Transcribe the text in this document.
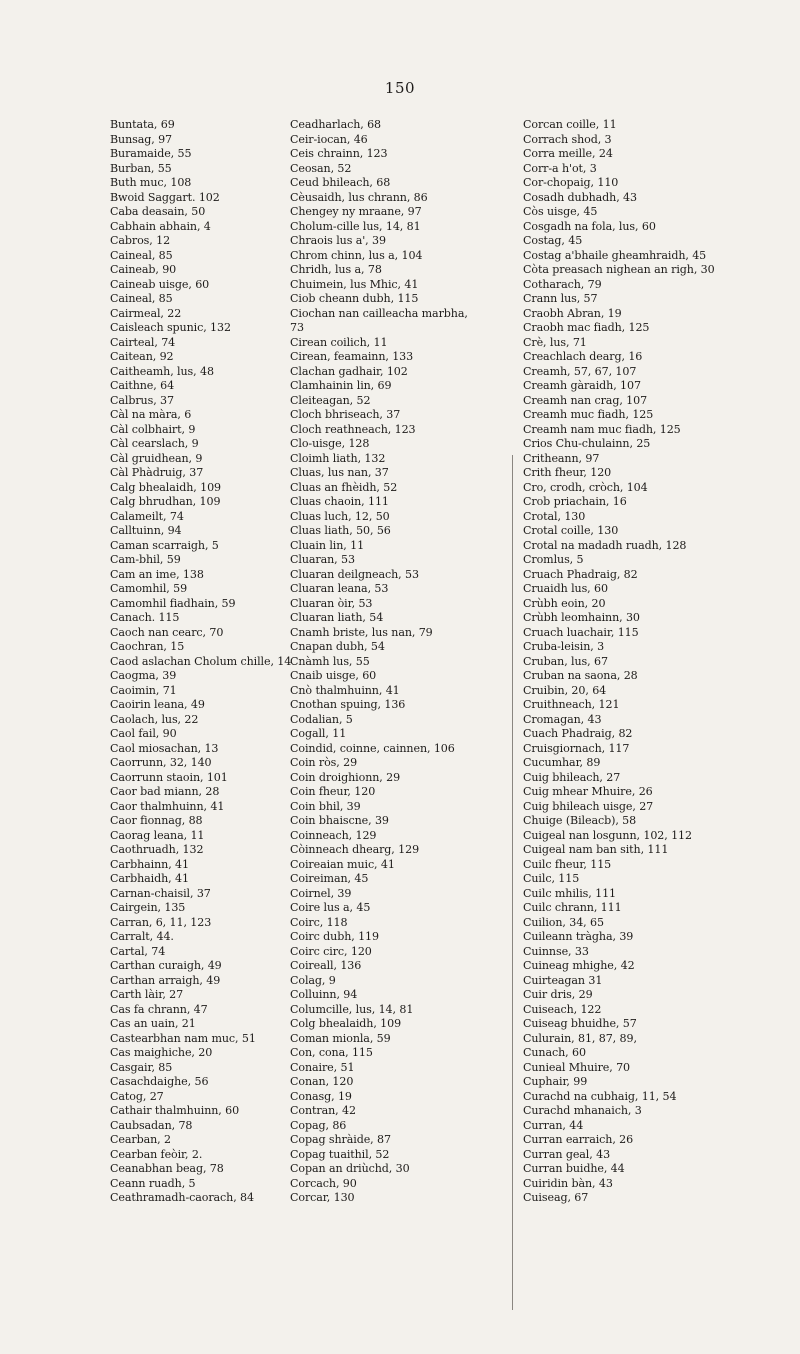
150
Buntata, 69
Bunsag, 97
Buramaide, 55
Burban, 55
Buth muc, 108
Bwoid Saggart. 102
Caba deasain, 50
Cabhain abhain, 4
Cabros, 12
Caineal, 85
Caineab, 90
Caineab uisge, 60
Caineal, 85
Cairmeal, 22
Caisleach spunic, 132
Cairteal, 74
Caitean, 92
Caitheamh, lus, 48
Caithne, 64
Calbrus, 37
Càl na màra, 6
Càl colbhairt, 9
Càl cearslach, 9
Càl gruidhean, 9
Càl Phàdruig, 37
Calg bhealaidh, 109
Calg bhrudhan, 109
Calameilt, 74
Calltuinn, 94
Caman scarraigh, 5
Cam-bhil, 59
Cam an ime, 138
Camomhil, 59
Camomhil fiadhain, 59
Canach. 115
Caoch nan cearc, 70
Caochran, 15
Caod aslachan Cholum chille, 14
Caogma, 39
Caoimin, 71
Caoirin leana, 49
Caolach, lus, 22
Caol fail, 90
Caol miosachan, 13
Caorrunn, 32, 140
Caorrunn staoin, 101
Caor bad miann, 28
Caor thalmhuinn, 41
Caor fionnag, 88
Caorag leana, 11
Caothruadh, 132
Carbhainn, 41
Carbhaidh, 41
Carnan-chaisil, 37
Cairgein, 135
Carran, 6, 11, 123
Carralt, 44.
Cartal, 74
Carthan curaigh, 49
Carthan arraigh, 49
Carth làir, 27
Cas fa chrann, 47
Cas an uain, 21
Castearbhan nam muc, 51
Cas maighiche, 20
Casgair, 85
Casachdaighe, 56
Catog, 27
Cathair thalmhuinn, 60
Caubsadan, 78
Cearban, 2
Cearban feòir, 2.
Ceanabhan beag, 78
Ceann ruadh, 5
Ceathramadh-caorach, 84
Ceadharlach, 68
Ceir-iocan, 46
Ceis chrainn, 123
Ceosan, 52
Ceud bhileach, 68
Cèusaidh, lus chrann, 86
Chengey ny mraane, 97
Cholum-cille lus, 14, 81
Chraois lus a', 39
Chrom chinn, lus a, 104
Chridh, lus a, 78
Chuimein, lus Mhic, 41
Ciob cheann dubh, 115
Ciochan nan cailleacha marbha,
73
Cirean coilich, 11
Cirean, feamainn, 133
Clachan gadhair, 102
Clamhainin lin, 69
Cleiteagan, 52
Cloch bhriseach, 37
Cloch reathneach, 123
Clo-uisge, 128
Cloimh liath, 132
Cluas, lus nan, 37
Cluas an fhèidh, 52
Cluas chaoin, 111
Cluas luch, 12, 50
Cluas liath, 50, 56
Cluain lin, 11
Cluaran, 53
Cluaran deilgneach, 53
Cluaran leana, 53
Cluaran òir, 53
Cluaran liath, 54
Cnamh briste, lus nan, 79
Cnapan dubh, 54
Cnàmh lus, 55
Cnaib uisge, 60
Cnò thalmhuinn, 41
Cnothan spuing, 136
Codalian, 5
Cogall, 11
Coindid, coinne, cainnen, 106
Coin ròs, 29
Coin droighionn, 29
Coin fheur, 120
Coin bhil, 39
Coin bhaiscne, 39
Coinneach, 129
Còinneach dhearg, 129
Coireaian muic, 41
Coireiman, 45
Coirnel, 39
Coire lus a, 45
Coirc, 118
Coirc dubh, 119
Coirc circ, 120
Coireall, 136
Colag, 9
Colluinn, 94
Columcille, lus, 14, 81
Colg bhealaidh, 109
Coman mionla, 59
Con, cona, 115
Conaire, 51
Conan, 120
Conasg, 19
Contran, 42
Copag, 86
Copag shràide, 87
Copag tuaithil, 52
Copan an driùchd, 30
Corcach, 90
Corcar, 130
Corcan coille, 11
Corrach shod, 3
Corra meille, 24
Corr-a h'ot, 3
Cor-chopaig, 110
Cosadh dubhadh, 43
Còs uisge, 45
Cosgadh na fola, lus, 60
Costag, 45
Costag a'bhaile gheamhraidh, 45
Còta preasach nighean an righ, 30
Cotharach, 79
Crann lus, 57
Craobh Abran, 19
Craobh mac fiadh, 125
Crè, lus, 71
Creachlach dearg, 16
Creamh, 57, 67, 107
Creamh gàraidh, 107
Creamh nan crag, 107
Creamh muc fiadh, 125
Creamh nam muc fiadh, 125
Crios Chu-chulainn, 25
Critheann, 97
Crith fheur, 120
Cro, crodh, cròch, 104
Crob priachain, 16
Crotal, 130
Crotal coille, 130
Crotal na madadh ruadh, 128
Cromlus, 5
Cruach Phadraig, 82
Cruaidh lus, 60
Crùbh eoin, 20
Crùbh leomhainn, 30
Cruach luachair, 115
Cruba-leisin, 3
Cruban, lus, 67
Cruban na saona, 28
Cruibin, 20, 64
Cruithneach, 121
Cromagan, 43
Cuach Phadraig, 82
Cruisgiornach, 117
Cucumhar, 89
Cuig bhileach, 27
Cuig mhear Mhuire, 26
Cuig bhileach uisge, 27
Chuige (Bileacb), 58
Cuigeal nan losgunn, 102, 112
Cuigeal nam ban sith, 111
Cuilc fheur, 115
Cuilc, 115
Cuilc mhilis, 111
Cuilc chrann, 111
Cuilion, 34, 65
Cuileann tràgha, 39
Cuinnse, 33
Cuineag mhighe, 42
Cuirteagan 31
Cuir dris, 29
Cuiseach, 122
Cuiseag bhuidhe, 57
Culurain, 81, 87, 89,
Cunach, 60
Cunieal Mhuire, 70
Cuphair, 99
Curachd na cubhaig, 11, 54
Curachd mhanaich, 3
Curran, 44
Curran earraich, 26
Curran geal, 43
Curran buidhe, 44
Cuiridin bàn, 43
Cuiseag, 67
